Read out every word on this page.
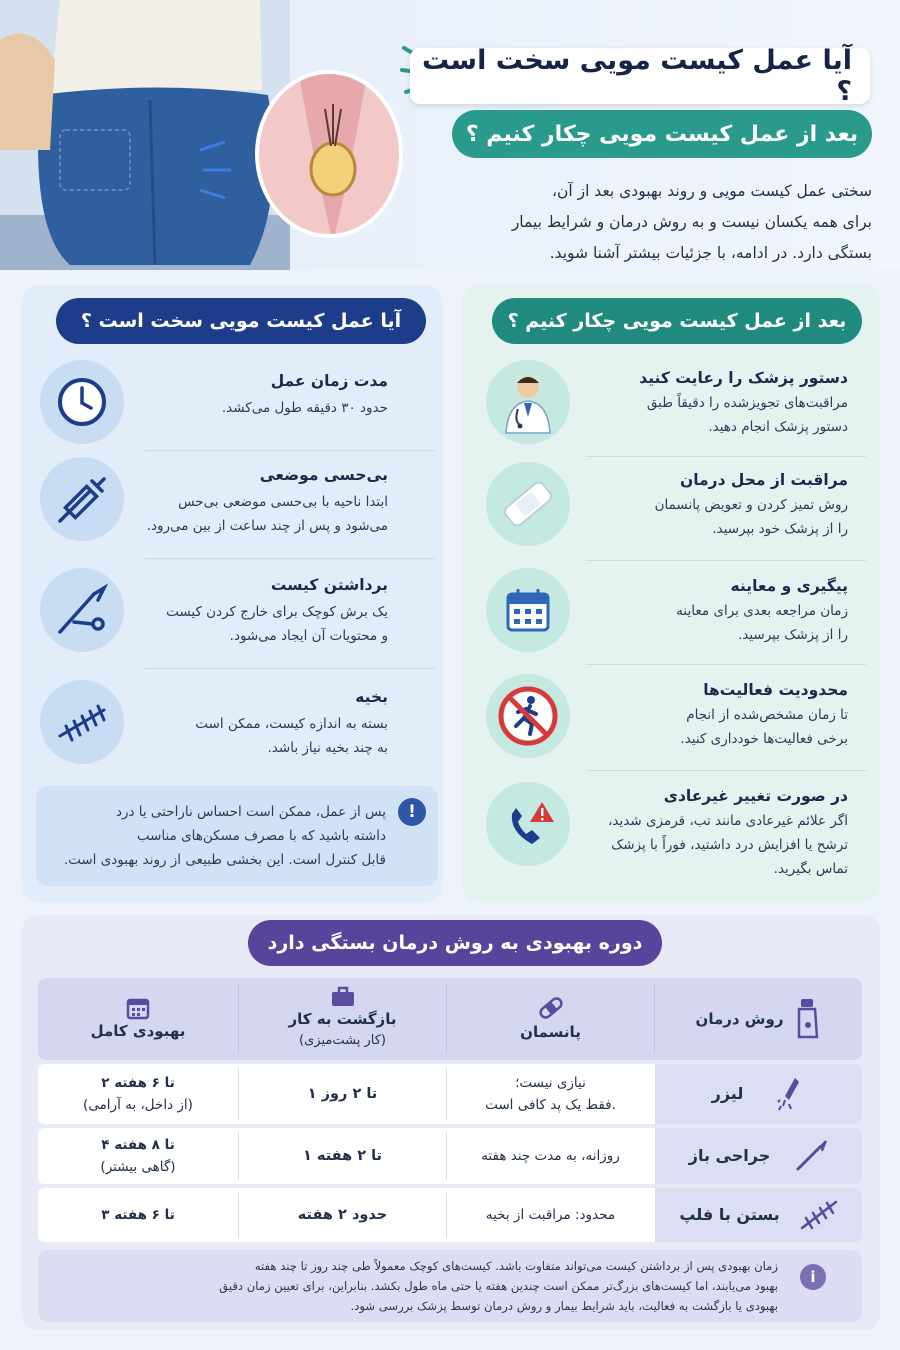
آیا عمل کیست مویی سخت است ؟
بعد از عمل کیست مویی چکار کنیم ؟
سختی عمل کیست مویی و روند بهبودی بعد از آن،
برای همه یکسان نیست و به روش درمان و شرایط بیمار
بستگی دارد. در ادامه، با جزئیات بیشتر آشنا شوید.
آیا عمل کیست مویی سخت است ؟
مدت زمان عمل
حدود ۳۰ دقیقه طول می‌کشد.
بی‌حسی موضعی
ابتدا ناحیه با بی‌حسی موضعی بی‌حس
می‌شود و پس از چند ساعت از بین می‌رود.
برداشتن کیست
یک برش کوچک برای خارج کردن کیست
و محتویات آن ایجاد می‌شود.
بخیه
بسته به اندازه کیست، ممکن است
به چند بخیه نیاز باشد.
!
پس از عمل، ممکن است احساس ناراحتی یا درد
داشته باشید که با مصرف مسکن‌های مناسب
قابل کنترل است. این بخشی طبیعی از روند بهبودی است.
بعد از عمل کیست مویی چکار کنیم ؟
دستور پزشک را رعایت کنید
مراقبت‌های تجویزشده را دقیقاً طبق
دستور پزشک انجام دهید.
مراقبت از محل درمان
روش تمیز کردن و تعویض پانسمان
را از پزشک خود بپرسید.
پیگیری و معاینه
زمان مراجعه بعدی برای معاینه
را از پزشک بپرسید.
محدودیت فعالیت‌ها
تا زمان مشخص‌شده از انجام
برخی فعالیت‌ها خودداری کنید.
در صورت تغییر غیرعادی
اگر علائم غیرعادی مانند تب، قرمزی شدید،
ترشح یا افزایش درد داشتید، فوراً با پزشک
تماس بگیرید.
دوره بهبودی به روش درمان بستگی دارد
روش درمان
پانسمان
بازگشت به کار
(کار پشت‌میزی)
بهبودی کامل
لیزر
نیازی نیست؛
فقط یک پد کافی است.
۱ تا ۲ روز
۲ تا ۶ هفته
(از داخل، به آرامی)
جراحی باز
روزانه، به مدت چند هفته
۱ تا ۲ هفته
۴ تا ۸ هفته
(گاهی بیشتر)
بستن با فلپ
محدود: مراقبت از بخیه
حدود ۲ هفته
۳ تا ۶ هفته
i
زمان بهبودی پس از برداشتن کیست می‌تواند متفاوت باشد. کیست‌های کوچک معمولاً طی چند روز تا چند هفته
بهبود می‌یابند، اما کیست‌های بزرگ‌تر ممکن است چندین هفته یا حتی ماه طول بکشد. بنابراین، برای تعیین زمان دقیق
بهبودی یا بازگشت به فعالیت، باید شرایط بیمار و روش درمان توسط پزشک بررسی شود.
